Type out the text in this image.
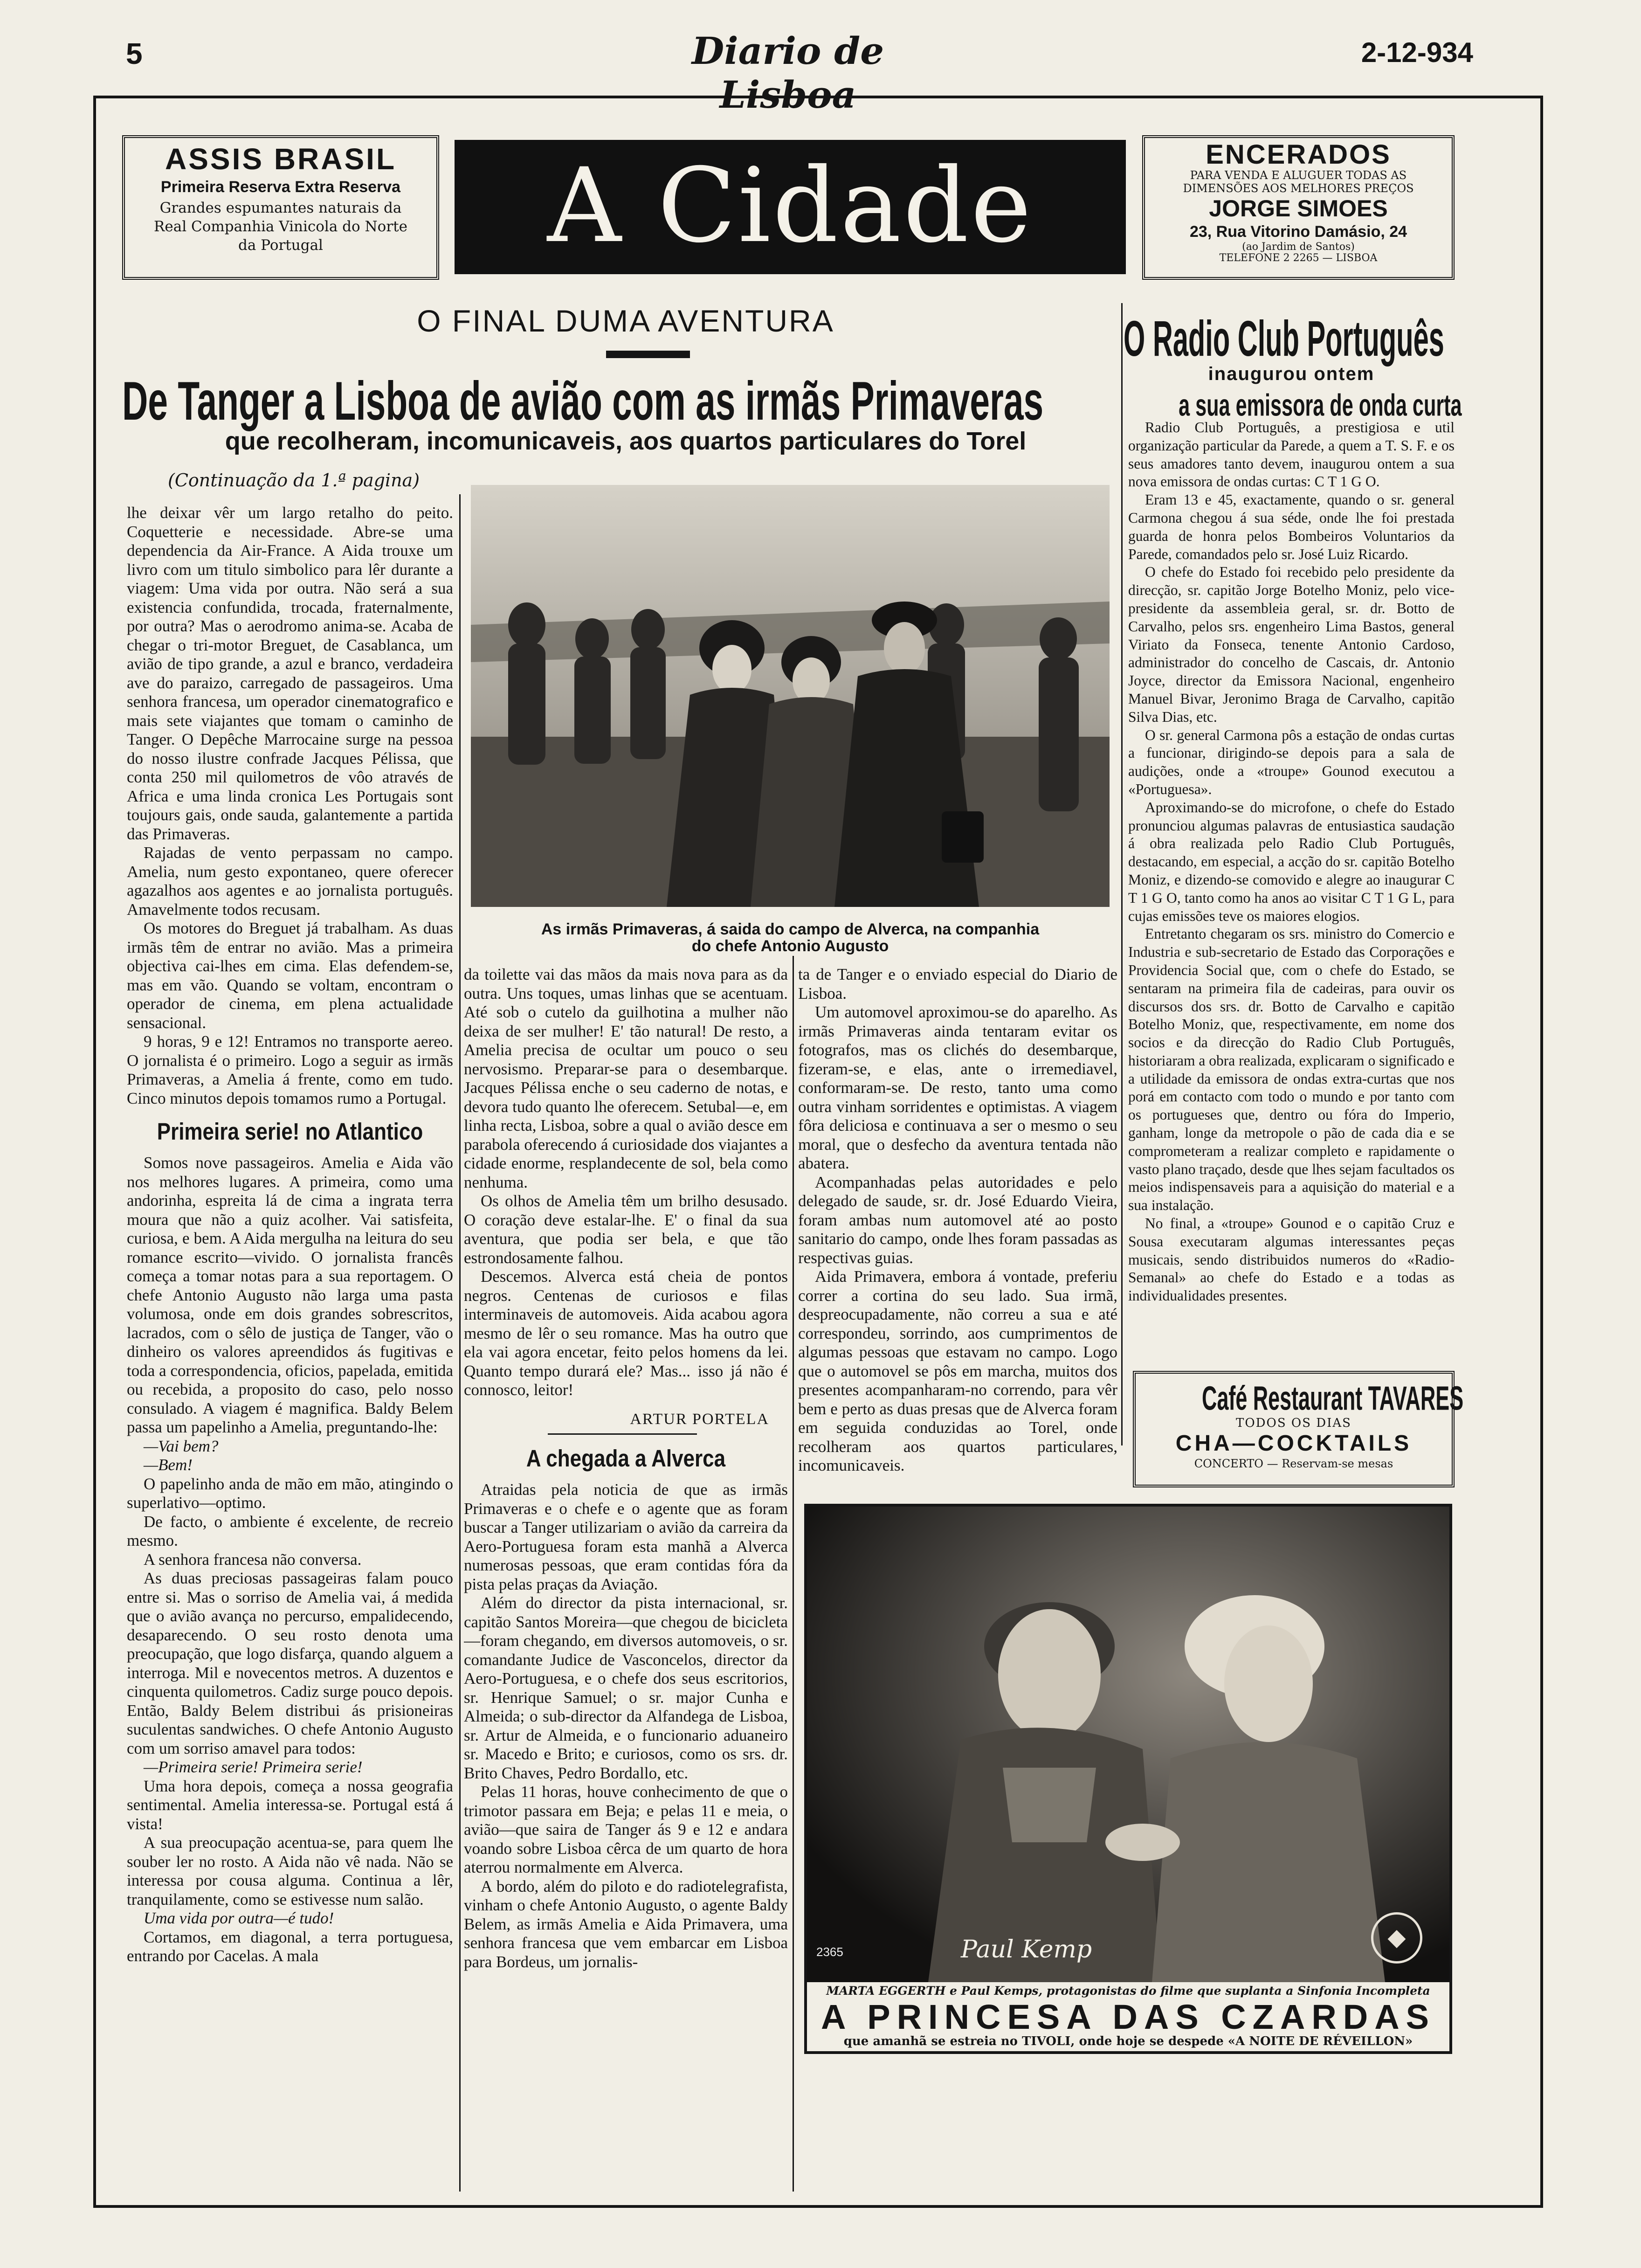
5	Diario de Lisboa
2-12-934
ASSIS BRASIL
Primeira Reserva Extra Reserva
Grandes espumantes naturais da
Real Companhia Vinicola do Norte
da Portugal	A Cidade	ENCERADOS
PARA VENDA E ALUGUER TODAS AS
DIMENSÕES AOS MELHORES PREÇOS
JORGE SIMOES
23, Rua Vitorino Damásio, 24
(ao Jardim de Santos)
TELEFONE 2 2265 — LISBOA
O FINAL DUMA AVENTURA
De Tanger a Lisboa de avião com as irmãs Primaveras
que recolheram, incomunicaveis, aos quartos particulares do Torel
(Continuação da 1.ª pagina)
As irmãs Primaveras, á saida do campo de Alverca, na companhia
do chefe Antonio Augusto

lhe deixar vêr um largo retalho do peito. Coquetterie e necessidade. Abre-se uma dependencia da Air-France. A Aida trouxe um livro com um titulo simbolico para lêr durante a viagem: Uma vida por outra. Não será a sua existencia confundida, trocada, fraternalmente, por outra? Mas o aerodromo anima-se. Acaba de chegar o tri-motor Breguet, de Casablanca, um avião de tipo grande, a azul e branco, verdadeira ave do paraizo, carregado de passageiros. Uma senhora francesa, um operador cinematografico e mais sete viajantes que tomam o caminho de Tanger. O Depêche Marrocaine surge na pessoa do nosso ilustre confrade Jacques Pélissa, que conta 250 mil quilometros de vôo através de Africa e uma linda cronica Les Portugais sont toujours gais, onde sauda, galantemente a partida das Primaveras.

Rajadas de vento perpassam no campo. Amelia, num gesto expontaneo, quere oferecer agazalhos aos agentes e ao jornalista português. Amavelmente todos recusam.

Os motores do Breguet já trabalham. As duas irmãs têm de entrar no avião. Mas a primeira objectiva cai-lhes em cima. Elas defendem-se, mas em vão. Quando se voltam, encontram o operador de cinema, em plena actualidade sensacional.

9 horas, 9 e 12! Entramos no transporte aereo. O jornalista é o primeiro. Logo a seguir as irmãs Primaveras, a Amelia á frente, como em tudo. Cinco minutos depois tomamos rumo a Portugal.

Primeira serie! no Atlantico

Somos nove passageiros. Amelia e Aida vão nos melhores lugares. A primeira, como uma andorinha, espreita lá de cima a ingrata terra moura que não a quiz acolher. Vai satisfeita, curiosa, e bem. A Aida mergulha na leitura do seu romance escrito—vivido. O jornalista francês começa a tomar notas para a sua reportagem. O chefe Antonio Augusto não larga uma pasta volumosa, onde em dois grandes sobrescritos, lacrados, com o sêlo de justiça de Tanger, vão o dinheiro os valores apreendidos ás fugitivas e toda a correspondencia, oficios, papelada, emitida ou recebida, a proposito do caso, pelo nosso consulado. A viagem é magnifica. Baldy Belem passa um papelinho a Amelia, preguntando-lhe:

—Vai bem?

—Bem!

O papelinho anda de mão em mão, atingindo o superlativo—optimo.

De facto, o ambiente é excelente, de recreio mesmo.

A senhora francesa não conversa.

As duas preciosas passageiras falam pouco entre si. Mas o sorriso de Amelia vai, á medida que o avião avança no percurso, empalidecendo, desaparecendo. O seu rosto denota uma preocupação, que logo disfarça, quando alguem a interroga. Mil e novecentos metros. A duzentos e cinquenta quilometros. Cadiz surge pouco depois. Então, Baldy Belem distribui ás prisioneiras suculentas sandwiches. O chefe Antonio Augusto com um sorriso amavel para todos:

—Primeira serie! Primeira serie!

Uma hora depois, começa a nossa geografia sentimental. Amelia interessa-se. Portugal está á vista!

A sua preocupação acentua-se, para quem lhe souber ler no rosto. A Aida não vê nada. Não se interessa por cousa alguma. Continua a lêr, tranquilamente, como se estivesse num salão.

Uma vida por outra—é tudo!

Cortamos, em diagonal, a terra portuguesa, entrando por Cacelas. A mala

da toilette vai das mãos da mais nova para as da outra. Uns toques, umas linhas que se acentuam. Até sob o cutelo da guilhotina a mulher não deixa de ser mulher! E' tão natural! De resto, a Amelia precisa de ocultar um pouco o seu nervosismo. Preparar-se para o desembarque. Jacques Pélissa enche o seu caderno de notas, e devora tudo quanto lhe oferecem. Setubal—e, em linha recta, Lisboa, sobre a qual o avião desce em parabola oferecendo á curiosidade dos viajantes a cidade enorme, resplandecente de sol, bela como nenhuma.

Os olhos de Amelia têm um brilho desusado. O coração deve estalar-lhe. E' o final da sua aventura, que podia ser bela, e que tão estrondosamente falhou.

Descemos. Alverca está cheia de pontos negros. Centenas de curiosos e filas interminaveis de automoveis. Aida acabou agora mesmo de lêr o seu romance. Mas ha outro que ela vai agora encetar, feito pelos homens da lei. Quanto tempo durará ele? Mas... isso já não é connosco, leitor!

ARTUR PORTELA
A chegada a Alverca

Atraidas pela noticia de que as irmãs Primaveras e o chefe e o agente que as foram buscar a Tanger utilizariam o avião da carreira da Aero-Portuguesa foram esta manhã a Alverca numerosas pessoas, que eram contidas fóra da pista pelas praças da Aviação.

Além do director da pista internacional, sr. capitão Santos Moreira—que chegou de bicicleta—foram chegando, em diversos automoveis, o sr. comandante Judice de Vasconcelos, director da Aero-Portuguesa, e o chefe dos seus escritorios, sr. Henrique Samuel; o sr. major Cunha e Almeida; o sub-director da Alfandega de Lisboa, sr. Artur de Almeida, e o funcionario aduaneiro sr. Macedo e Brito; e curiosos, como os srs. dr. Brito Chaves, Pedro Bordallo, etc.

Pelas 11 horas, houve conhecimento de que o trimotor passara em Beja; e pelas 11 e meia, o avião—que saira de Tanger ás 9 e 12 e andara voando sobre Lisboa cêrca de um quarto de hora aterrou normalmente em Alverca.

A bordo, além do piloto e do radiotelegrafista, vinham o chefe Antonio Augusto, o agente Baldy Belem, as irmãs Amelia e Aida Primavera, uma senhora francesa que vem embarcar em Lisboa para Bordeus, um jornalis-

ta de Tanger e o enviado especial do Diario de Lisboa.

Um automovel aproximou-se do aparelho. As irmãs Primaveras ainda tentaram evitar os fotografos, mas os clichés do desembarque, fizeram-se, e elas, ante o irremediavel, conformaram-se. De resto, tanto uma como outra vinham sorridentes e optimistas. A viagem fôra deliciosa e continuava a ser o mesmo o seu moral, que o desfecho da aventura tentada não abatera.

Acompanhadas pelas autoridades e pelo delegado de saude, sr. dr. José Eduardo Vieira, foram ambas num automovel até ao posto sanitario do campo, onde lhes foram passadas as respectivas guias.

Aida Primavera, embora á vontade, preferiu correr a cortina do seu lado. Sua irmã, despreocupadamente, não correu a sua e até correspondeu, sorrindo, aos cumprimentos de algumas pessoas que estavam no campo. Logo que o automovel se pôs em marcha, muitos dos presentes acompanharam-no correndo, para vêr bem e perto as duas presas que de Alverca foram em seguida conduzidas ao Torel, onde recolheram aos quartos particulares, incomunicaveis.

O Radio Club Português
inaugurou ontem
a sua emissora de onda curta

Radio Club Português, a prestigiosa e util organização particular da Parede, a quem a T. S. F. e os seus amadores tanto devem, inaugurou ontem a sua nova emissora de ondas curtas: C T 1 G O.

Eram 13 e 45, exactamente, quando o sr. general Carmona chegou á sua séde, onde lhe foi prestada guarda de honra pelos Bombeiros Voluntarios da Parede, comandados pelo sr. José Luiz Ricardo.

O chefe do Estado foi recebido pelo presidente da direcção, sr. capitão Jorge Botelho Moniz, pelo vice-presidente da assembleia geral, sr. dr. Botto de Carvalho, pelos srs. engenheiro Lima Bastos, general Viriato da Fonseca, tenente Antonio Cardoso, administrador do concelho de Cascais, dr. Antonio Joyce, director da Emissora Nacional, engenheiro Manuel Bivar, Jeronimo Braga de Carvalho, capitão Silva Dias, etc.

O sr. general Carmona pôs a estação de ondas curtas a funcionar, dirigindo-se depois para a sala de audições, onde a «troupe» Gounod executou a «Portuguesa».

Aproximando-se do microfone, o chefe do Estado pronunciou algumas palavras de entusiastica saudação á obra realizada pelo Radio Club Português, destacando, em especial, a acção do sr. capitão Botelho Moniz, e dizendo-se comovido e alegre ao inaugurar C T 1 G O, tanto como ha anos ao visitar C T 1 G L, para cujas emissões teve os maiores elogios.

Entretanto chegaram os srs. ministro do Comercio e Industria e sub-secretario de Estado das Corporações e Providencia Social que, com o chefe do Estado, se sentaram na primeira fila de cadeiras, para ouvir os discursos dos srs. dr. Botto de Carvalho e capitão Botelho Moniz, que, respectivamente, em nome dos socios e da direcção do Radio Club Português, historiaram a obra realizada, explicaram o significado e a utilidade da emissora de ondas extra-curtas que nos porá em contacto com todo o mundo e por tanto com os portugueses que, dentro ou fóra do Imperio, ganham, longe da metropole o pão de cada dia e se comprometeram a realizar completo e rapidamente o vasto plano traçado, desde que lhes sejam facultados os meios indispensaveis para a aquisição do material e a sua instalação.

No final, a «troupe» Gounod e o capitão Cruz e Sousa executaram algumas interessantes peças musicais, sendo distribuidos numeros do «Radio-Semanal» ao chefe do Estado e a todas as individualidades presentes.

Café Restaurant TAVARES
TODOS OS DIAS
CHA—COCKTAILS
CONCERTO — Reservam-se mesas
2365	Paul Kemp	◆
MARTA EGGERTH e Paul Kemps, protagonistas do filme que suplanta a Sinfonia Incompleta
A PRINCESA DAS CZARDAS
que amanhã se estreia no TIVOLI, onde hoje se despede «A NOITE DE RÉVEILLON»
